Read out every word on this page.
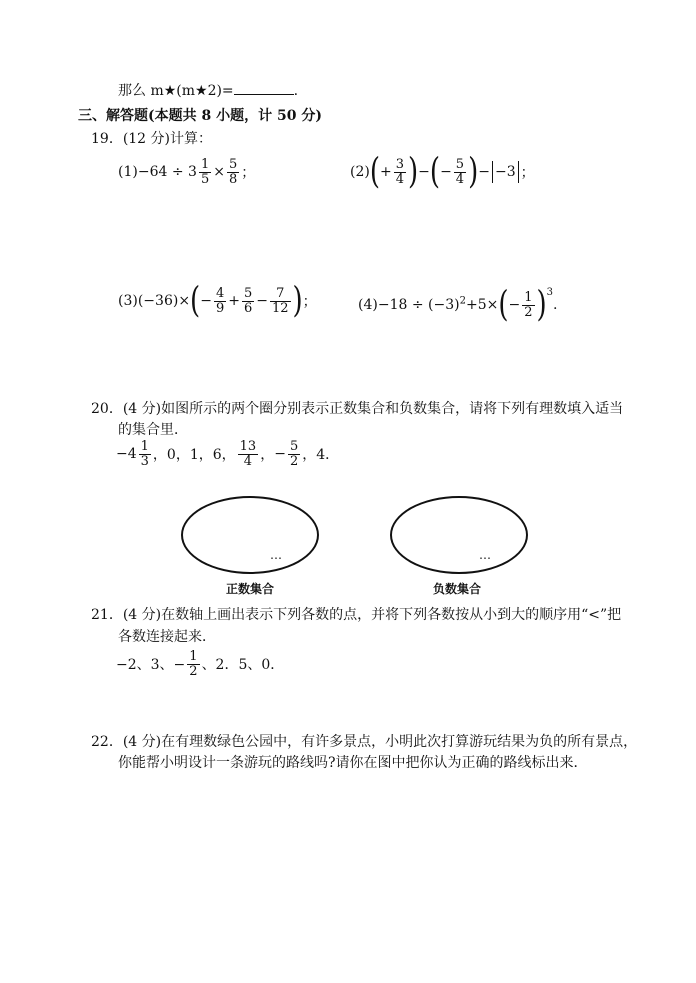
那么 m★(m★2)=	.
三、解答题(本题共 8 小题，计 50 分)
19．(12 分)计算：
$(1)-64 \div 3 \frac{1}{5} \times \frac{5}{8}$ ；	$(2)(+ \frac{3}{4}$ )−(− $\frac{5}{4}$ )− −3 ；
$(3)(-36)\times(- \frac{4}{9} + \frac{5}{6} - \frac{7}{12}$ )；	$(4)-18 \div (-3)^2+5\times(- \frac{1}{2} )^3$.
20．(4 分)如图所示的两个圈分别表示正数集合和负数集合，请将下列有理数填入适当
的集合里．
$-4 \frac{1}{3}$ ，0，1，6， $\frac{13}{4}$ ，− $\frac{5}{2}$ ，4．
…
正数集合
…
负数集合
21．(4 分)在数轴上画出表示下列各数的点，并将下列各数按从小到大的顺序用“<”把
各数连接起来．
−2、3、− $\frac{1}{2}$ 、2．5、0．
22．(4 分)在有理数绿色公园中，有许多景点，小明此次打算游玩结果为负的所有景点，
你能帮小明设计一条游玩的路线吗?请你在图中把你认为正确的路线标出来．
